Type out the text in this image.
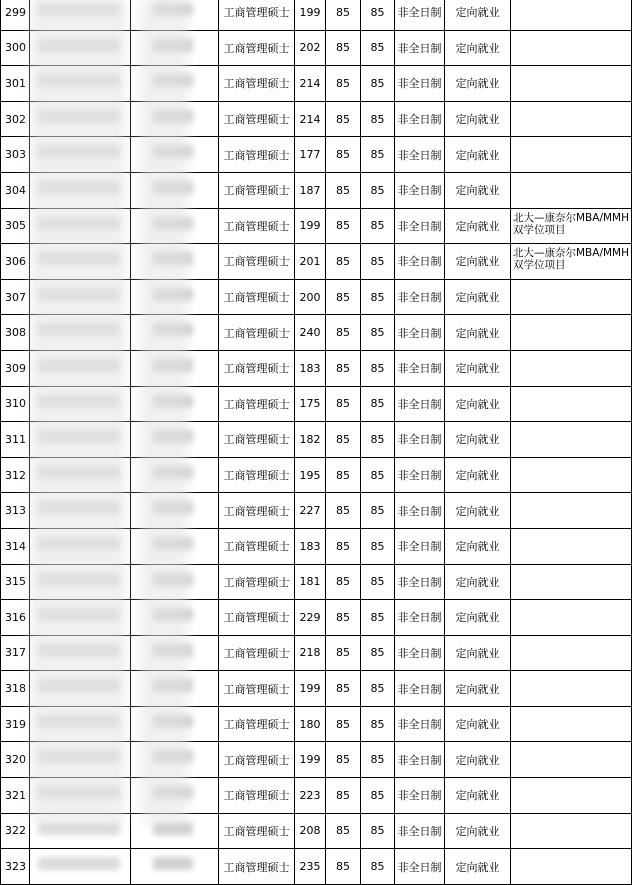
299			工商管理硕士	199	85	85	非全日制	定向就业	
300			工商管理硕士	202	85	85	非全日制	定向就业	
301			工商管理硕士	214	85	85	非全日制	定向就业	
302			工商管理硕士	214	85	85	非全日制	定向就业	
303			工商管理硕士	177	85	85	非全日制	定向就业	
304			工商管理硕士	187	85	85	非全日制	定向就业	
305			工商管理硕士	199	85	85	非全日制	定向就业	北大—康奈尔MBA/MMH双学位项目
306			工商管理硕士	201	85	85	非全日制	定向就业	北大—康奈尔MBA/MMH双学位项目
307			工商管理硕士	200	85	85	非全日制	定向就业	
308			工商管理硕士	240	85	85	非全日制	定向就业	
309			工商管理硕士	183	85	85	非全日制	定向就业	
310			工商管理硕士	175	85	85	非全日制	定向就业	
311			工商管理硕士	182	85	85	非全日制	定向就业	
312			工商管理硕士	195	85	85	非全日制	定向就业	
313			工商管理硕士	227	85	85	非全日制	定向就业	
314			工商管理硕士	183	85	85	非全日制	定向就业	
315			工商管理硕士	181	85	85	非全日制	定向就业	
316			工商管理硕士	229	85	85	非全日制	定向就业	
317			工商管理硕士	218	85	85	非全日制	定向就业	
318			工商管理硕士	199	85	85	非全日制	定向就业	
319			工商管理硕士	180	85	85	非全日制	定向就业	
320			工商管理硕士	199	85	85	非全日制	定向就业	
321			工商管理硕士	223	85	85	非全日制	定向就业	
322			工商管理硕士	208	85	85	非全日制	定向就业	
323			工商管理硕士	235	85	85	非全日制	定向就业	
